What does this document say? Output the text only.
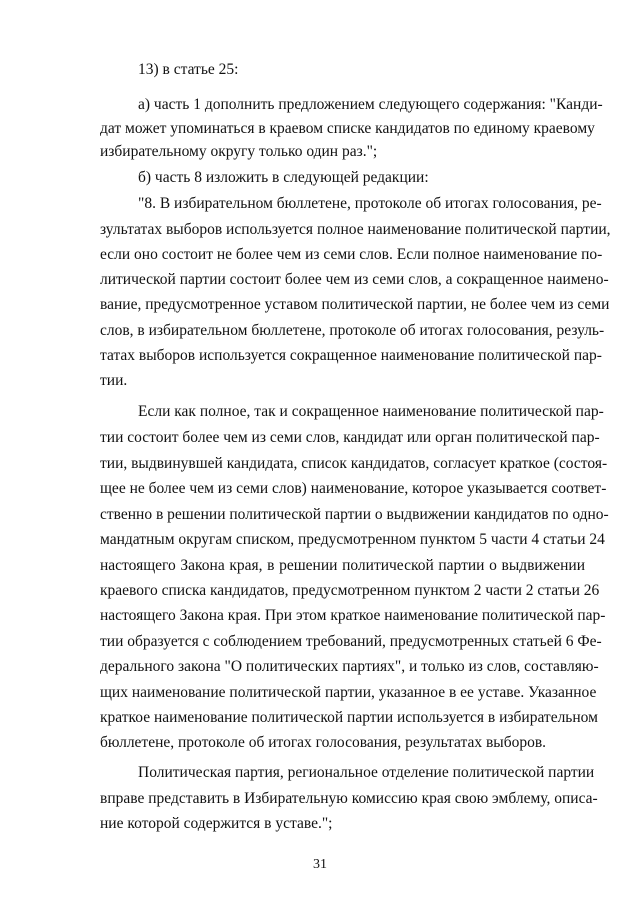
13) в статье 25:
а) часть 1 дополнить предложением следующего содержания: "Канди-
дат может упоминаться в краевом списке кандидатов по единому краевому
избирательному округу только один раз.";
б) часть 8 изложить в следующей редакции:
"8. В избирательном бюллетене, протоколе об итогах голосования, ре-
зультатах выборов используется полное наименование политической партии,
если оно состоит не более чем из семи слов. Если полное наименование по-
литической партии состоит более чем из семи слов, а сокращенное наимено-
вание, предусмотренное уставом политической партии, не более чем из семи
слов, в избирательном бюллетене, протоколе об итогах голосования, резуль-
татах выборов используется сокращенное наименование политической пар-
тии.
Если как полное, так и сокращенное наименование политической пар-
тии состоит более чем из семи слов, кандидат или орган политической пар-
тии, выдвинувшей кандидата, список кандидатов, согласует краткое (состоя-
щее не более чем из семи слов) наименование, которое указывается соответ-
ственно в решении политической партии о выдвижении кандидатов по одно-
мандатным округам списком, предусмотренном пунктом 5 части 4 статьи 24
настоящего Закона края, в решении политической партии о выдвижении
краевого списка кандидатов, предусмотренном пунктом 2 части 2 статьи 26
настоящего Закона края. При этом краткое наименование политической пар-
тии образуется с соблюдением требований, предусмотренных статьей 6 Фе-
дерального закона "О политических партиях", и только из слов, составляю-
щих наименование политической партии, указанное в ее уставе. Указанное
краткое наименование политической партии используется в избирательном
бюллетене, протоколе об итогах голосования, результатах выборов.
Политическая партия, региональное отделение политической партии
вправе представить в Избирательную комиссию края свою эмблему, описа-
ние которой содержится в уставе.";
31
